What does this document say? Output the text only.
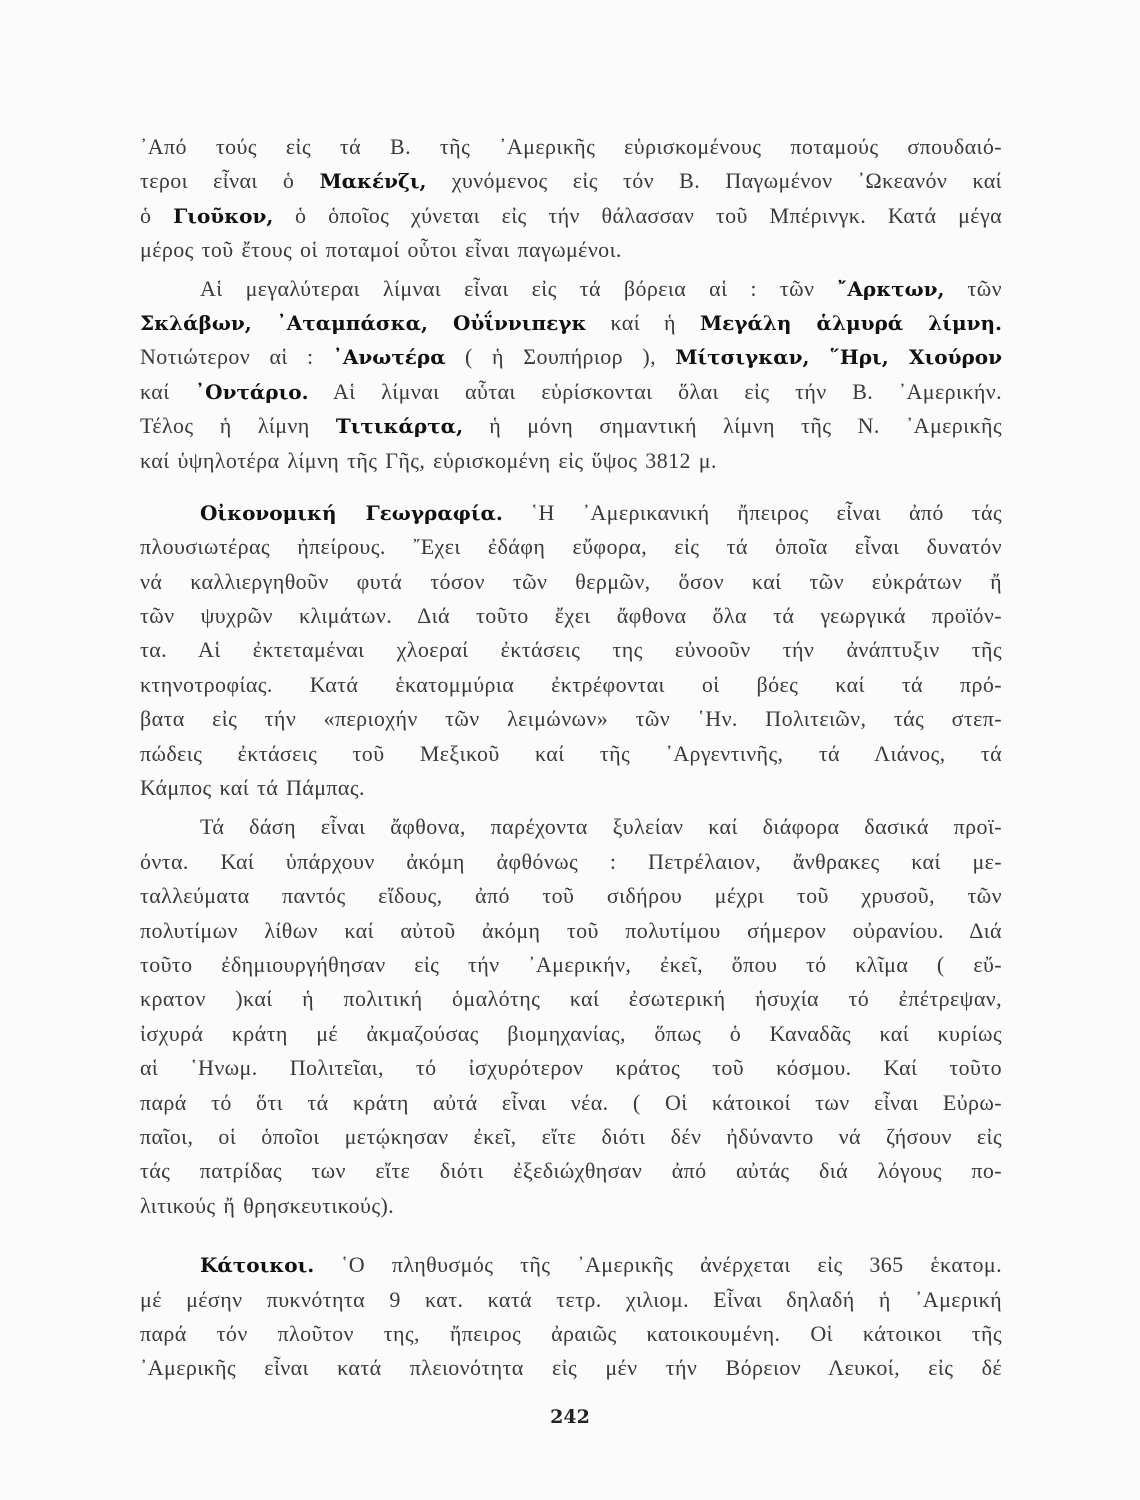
᾿Από τούς εἰς τά Β. τῆς ᾿Αμερικῆς εὑρισκομένους ποταμούς σπουδαιό-
τεροι εἶναι ὁ Μακένζι, χυνόμενος εἰς τόν Β. Παγωμένον ᾿Ωκεανόν καί
ὁ Γιοῦκον, ὁ ὁποῖος χύνεται εἰς τήν θάλασσαν τοῦ Μπέρινγκ. Κατά μέγα
μέρος τοῦ ἔτους οἱ ποταμοί οὗτοι εἶναι παγωμένοι.
Αἱ μεγαλύτεραι λίμναι εἶναι εἰς τά βόρεια αἱ : τῶν ῎Αρκτων, τῶν
Σκλάβων, ᾿Αταμπάσκα, Οὐΐννιπεγκ καί ἡ Μεγάλη ἁλμυρά λίμνη.
Νοτιώτερον αἱ : ᾿Ανωτέρα ( ἡ Σουπήριορ ), Μίτσιγκαν, ῞Ηρι, Χιούρον
καί ᾿Οντάριο. Αἱ λίμναι αὗται εὑρίσκονται ὅλαι εἰς τήν Β. ᾿Αμερικήν.
Τέλος ἡ λίμνη Τιτικάρτα, ἡ μόνη σημαντική λίμνη τῆς Ν. ᾿Αμερικῆς
καί ὑψηλοτέρα λίμνη τῆς Γῆς, εὑρισκομένη εἰς ὕψος 3812 μ.
Οἰκονομική Γεωγραφία. ῾Η ᾿Αμερικανική ἤπειρος εἶναι ἀπό τάς
πλουσιωτέρας ἠπείρους. ῎Εχει ἐδάφη εὔφορα, εἰς τά ὁποῖα εἶναι δυνατόν
νά καλλιεργηθοῦν φυτά τόσον τῶν θερμῶν, ὅσον καί τῶν εὐκράτων ἤ
τῶν ψυχρῶν κλιμάτων. Διά τοῦτο ἔχει ἄφθονα ὅλα τά γεωργικά προϊόν-
τα. Αἱ ἐκτεταμέναι χλοεραί ἐκτάσεις της εὐνοοῦν τήν ἀνάπτυξιν τῆς
κτηνοτροφίας. Κατά ἑκατομμύρια ἐκτρέφονται οἱ βόες καί τά πρό-
βατα εἰς τήν «περιοχήν τῶν λειμώνων» τῶν ῾Ην. Πολιτειῶν, τάς στεπ-
πώδεις ἐκτάσεις τοῦ Μεξικοῦ καί τῆς ᾿Αργεντινῆς, τά Λιάνος, τά
Κάμπος καί τά Πάμπας.
Τά δάση εἶναι ἄφθονα, παρέχοντα ξυλείαν καί διάφορα δασικά προϊ-
όντα. Καί ὑπάρχουν ἀκόμη ἀφθόνως : Πετρέλαιον, ἄνθρακες καί με-
ταλλεύματα παντός εἴδους, ἀπό τοῦ σιδήρου μέχρι τοῦ χρυσοῦ, τῶν
πολυτίμων λίθων καί αὐτοῦ ἀκόμη τοῦ πολυτίμου σήμερον οὐρανίου. Διά
τοῦτο ἐδημιουργήθησαν εἰς τήν ᾿Αμερικήν, ἐκεῖ, ὅπου τό κλῖμα ( εὔ-
κρατον )καί ἡ πολιτική ὁμαλότης καί ἐσωτερική ἡσυχία τό ἐπέτρεψαν,
ἰσχυρά κράτη μέ ἀκμαζούσας βιομηχανίας, ὅπως ὁ Καναδᾶς καί κυρίως
αἱ ῾Ηνωμ. Πολιτεῖαι, τό ἰσχυρότερον κράτος τοῦ κόσμου. Καί τοῦτο
παρά τό ὅτι τά κράτη αὐτά εἶναι νέα. ( Οἱ κάτοικοί των εἶναι Εὐρω-
παῖοι, οἱ ὁποῖοι μετῴκησαν ἐκεῖ, εἴτε διότι δέν ἠδύναντο νά ζήσουν εἰς
τάς πατρίδας των εἴτε διότι ἐξεδιώχθησαν ἀπό αὐτάς διά λόγους πο-
λιτικούς ἤ θρησκευτικούς).
Κάτοικοι. ῾Ο πληθυσμός τῆς ᾿Αμερικῆς ἀνέρχεται εἰς 365 ἑκατομ.
μέ μέσην πυκνότητα 9 κατ. κατά τετρ. χιλιομ. Εἶναι δηλαδή ἡ ᾿Αμερική
παρά τόν πλοῦτον της, ἤπειρος ἀραιῶς κατοικουμένη. Οἱ κάτοικοι τῆς
᾿Αμερικῆς εἶναι κατά πλειονότητα εἰς μέν τήν Βόρειον Λευκοί, εἰς δέ
242
